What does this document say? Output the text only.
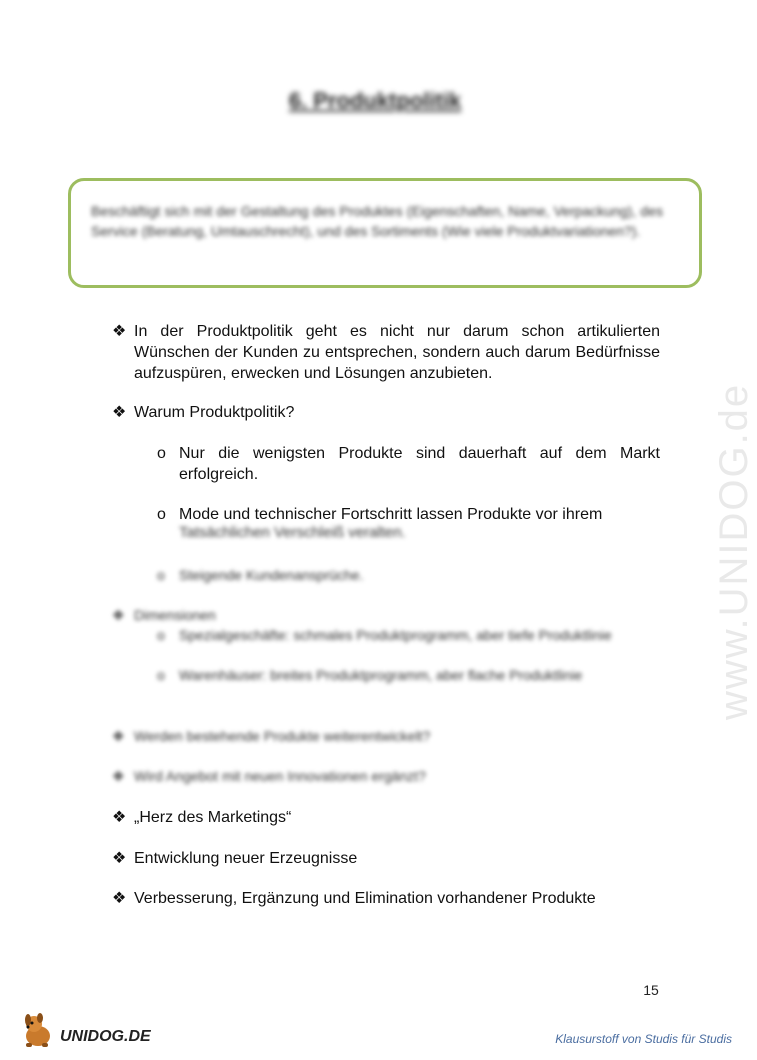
www.UNIDOG.de
6. Produktpolitik
Beschäftigt sich mit der Gestaltung des Produktes (Eigenschaften, Name, Verpackung), des Service (Beratung, Umtauschrecht), und des Sortiments (Wie viele Produktvariationen?).
❖ In der Produktpolitik geht es nicht nur darum schon artikulierten Wünschen der Kunden zu entsprechen, sondern auch darum Bedürfnisse aufzuspüren, erwecken und Lösungen anzubieten.
❖ Warum Produktpolitik?
o Nur die wenigsten Produkte sind dauerhaft auf dem Markt erfolgreich.
o Mode und technischer Fortschritt lassen Produkte vor ihrem
Tatsächlichen Verschleiß veralten.
o	Steigende Kundenansprüche.
❖ Dimensionen
o	Spezialgeschäfte: schmales Produktprogramm, aber tiefe Produktlinie
o	Warenhäuser: breites Produktprogramm, aber flache Produktlinie
❖ Werden bestehende Produkte weiterentwickelt?
❖ Wird Angebot mit neuen Innovationen ergänzt?
❖ „Herz des Marketings“
❖ Entwicklung neuer Erzeugnisse
❖ Verbesserung, Ergänzung und Elimination vorhandener Produkte
15
UNIDOG.DE	Klausurstoff von Studis für Studis
